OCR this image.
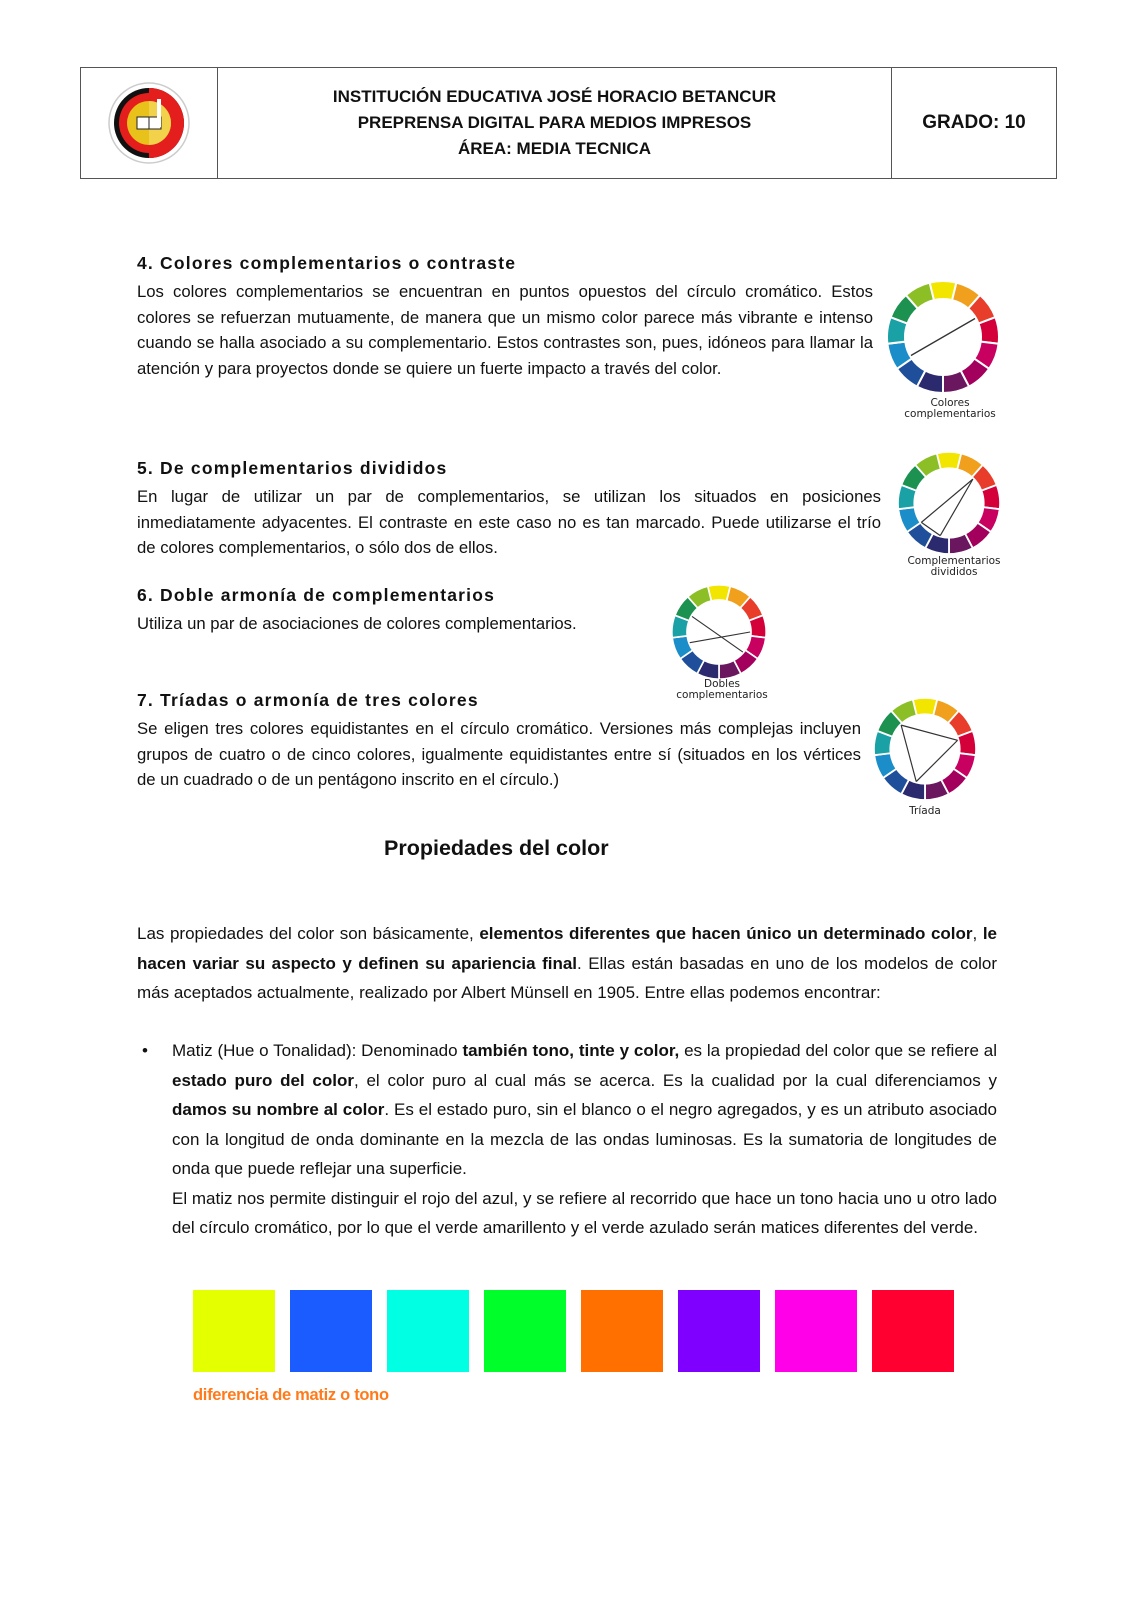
INSTITUCIÓN EDUCATIVA JOSÉ HORACIO BETANCUR
PREPRENSA DIGITAL PARA MEDIOS IMPRESOS
ÁREA: MEDIA TECNICA
GRADO: 10
4. Colores complementarios o contraste

Los colores complementarios se encuentran en puntos opuestos del círculo cromático. Estos colores se refuerzan mutuamente, de manera que un mismo color parece más vibrante e intenso cuando se halla asociado a su complementario. Estos contrastes son, pues, idóneos para llamar la atención y para proyectos donde se quiere un fuerte impacto a través del color.

Colores
complementarios
5. De complementarios divididos

En lugar de utilizar un par de complementarios, se utilizan los situados en posiciones inmediatamente adyacentes. El contraste en este caso no es tan marcado. Puede utilizarse el trío de colores complementarios, o sólo dos de ellos.

Complementarios
divididos
6. Doble armonía de complementarios

Utiliza un par de asociaciones de colores complementarios.

Dobles
complementarios
7. Tríadas o armonía de tres colores

Se eligen tres colores equidistantes en el círculo cromático. Versiones más complejas incluyen grupos de cuatro o de cinco colores, igualmente equidistantes entre sí (situados en los vértices de un cuadrado o de un pentágono inscrito en el círculo.)

Tríada
Propiedades del color

Las propiedades del color son básicamente, elementos diferentes que hacen único un determinado color, le hacen variar su aspecto y definen su apariencia final. Ellas están basadas en uno de los modelos de color más aceptados actualmente, realizado por Albert Münsell en 1905. Entre ellas podemos encontrar:

• Matiz (Hue o Tonalidad): Denominado también tono, tinte y color, es la propiedad del color que se refiere al estado puro del color, el color puro al cual más se acerca. Es la cualidad por la cual diferenciamos y damos su nombre al color. Es el estado puro, sin el blanco o el negro agregados, y es un atributo asociado con la longitud de onda dominante en la mezcla de las ondas luminosas. Es la sumatoria de longitudes de onda que puede reflejar una superficie.

El matiz nos permite distinguir el rojo del azul, y se refiere al recorrido que hace un tono hacia uno u otro lado del círculo cromático, por lo que el verde amarillento y el verde azulado serán matices diferentes del verde.

diferencia de matiz o tono
